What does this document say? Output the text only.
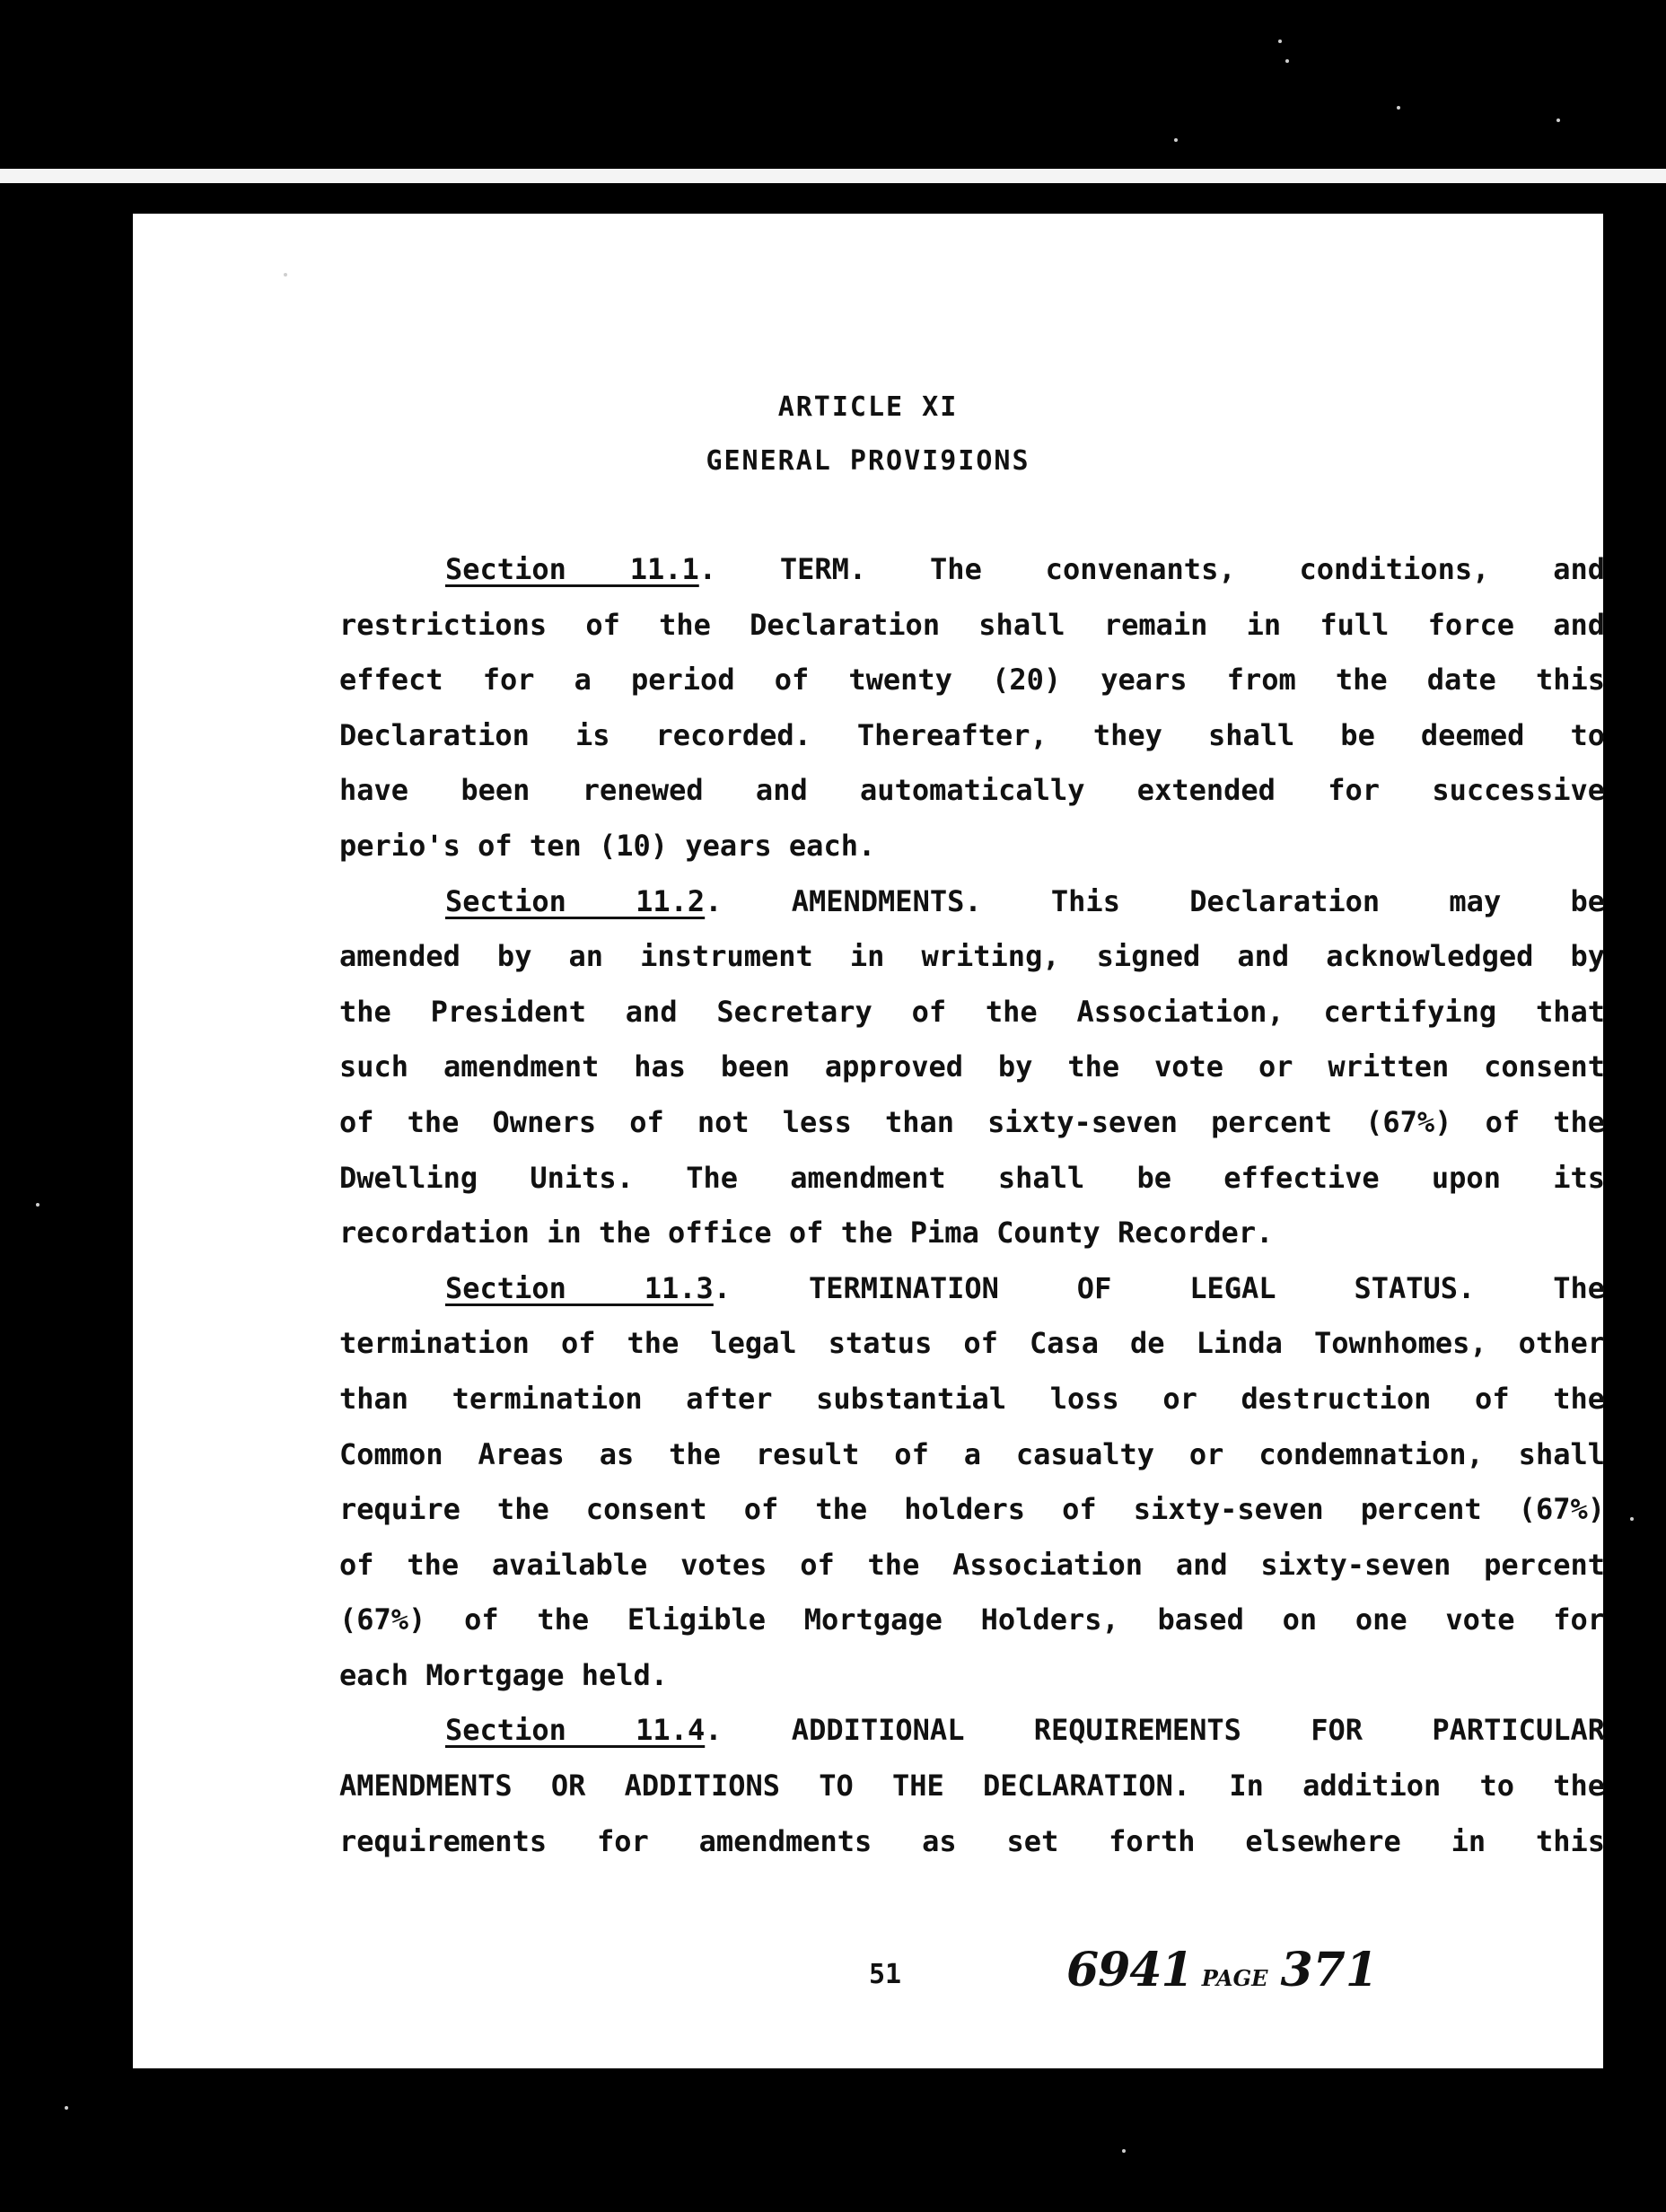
ARTICLE XI
GENERAL PROVI9IONS

Section 11.1. TERM. The convenants, conditions, and
restrictions of the Declaration shall remain in full force and
effect for a period of twenty (20) years from the date this
Declaration is recorded. Thereafter, they shall be deemed to
have been renewed and automatically extended for successive
perio's of ten (10) years each.

Section 11.2. AMENDMENTS. This Declaration may be
amended by an instrument in writing, signed and acknowledged by
the President and Secretary of the Association, certifying that
such amendment has been approved by the vote or written consent
of the Owners of not less than sixty-seven percent (67%) of the
Dwelling Units. The amendment shall be effective upon its
recordation in the office of the Pima County Recorder.

Section 11.3. TERMINATION OF LEGAL STATUS. The
termination of the legal status of Casa de Linda Townhomes, other
than termination after substantial loss or destruction of the
Common Areas as the result of a casualty or condemnation, shall
require the consent of the holders of sixty-seven percent (67%)
of the available votes of the Association and sixty-seven percent
(67%) of the Eligible Mortgage Holders, based on one vote for
each Mortgage held.

Section 11.4. ADDITIONAL REQUIREMENTS FOR PARTICULAR
AMENDMENTS OR ADDITIONS TO THE DECLARATION. In addition to the
requirements for amendments as set forth elsewhere in this

51	6941 PAGE 371
